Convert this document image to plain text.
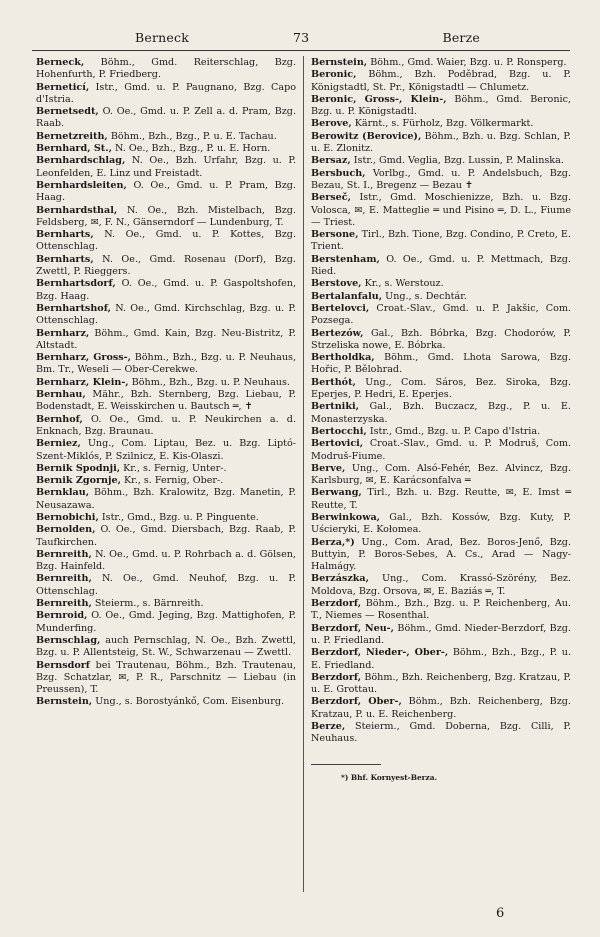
Berneck	73	Berze

Berneck, Böhm., Gmd. Reiterschlag, Bzg. Hohenfurth, P. Friedberg.

Berneticí, Istr., Gmd. u. P. Paugnano, Bzg. Capo d'Istria.

Bernetsedt, O. Oe., Gmd. u. P. Zell a. d. Pram, Bzg. Raab.

Bernetzreith, Böhm., Bzh., Bzg., P. u. E. Tachau.

Bernhard, St., N. Oe., Bzh., Bzg., P. u. E. Horn.

Bernhardschlag, N. Oe., Bzh. Urfahr, Bzg. u. P. Leonfelden, E. Linz und Freistadt.

Bernhardsleiten, O. Oe., Gmd. u. P. Pram, Bzg. Haag.

Bernhardsthal, N. Oe., Bzh. Mistelbach, Bzg. Feldsberg, ✉, F. N., Gänserndorf — Lundenburg, T.

Bernharts, N. Oe., Gmd. u. P. Kottes, Bzg. Ottenschlag.

Bernharts, N. Oe., Gmd. Rosenau (Dorf), Bzg. Zwettl, P. Rieggers.

Bernhartsdorf, O. Oe., Gmd. u. P. Gaspoltshofen, Bzg. Haag.

Bernhartshof, N. Oe., Gmd. Kirchschlag, Bzg. u. P. Ottenschlag.

Bernharz, Böhm., Gmd. Kain, Bzg. Neu-Bistritz, P. Altstadt.

Bernharz, Gross-, Böhm., Bzh., Bzg. u. P. Neuhaus, Bm. Tr., Weseli — Ober-Cerekwe.

Bernharz, Klein-, Böhm., Bzh., Bzg. u. P. Neuhaus.

Bernhau, Mähr., Bzh. Sternberg, Bzg. Liebau, P. Bodenstadt, E. Weisskirchen u. Bautsch ═, ✝

Bernhof, O. Oe., Gmd. u. P. Neukirchen a. d. Enknach, Bzg. Braunau.

Berniez, Ung., Com. Liptau, Bez. u. Bzg. Liptó-Szent-Miklós, P. Szilnicz, E. Kis-Olaszi.

Bernik Spodnji, Kr., s. Fernig, Unter-.

Bernik Zgornje, Kr., s. Fernig, Ober-.

Bernklau, Böhm., Bzh. Kralowitz, Bzg. Manetin, P. Neusazawa.

Bernobichi, Istr., Gmd., Bzg. u. P. Pinguente.

Bernolden, O. Oe., Gmd. Diersbach, Bzg. Raab, P. Taufkirchen.

Bernreith, N. Oe., Gmd. u. P. Rohrbach a. d. Gölsen, Bzg. Hainfeld.

Bernreith, N. Oe., Gmd. Neuhof, Bzg. u. P. Ottenschlag.

Bernreith, Steierm., s. Bärnreith.

Bernroid, O. Oe., Gmd. Jeging, Bzg. Mattighofen, P. Munderfing.

Bernschlag, auch Pernschlag, N. Oe., Bzh. Zwettl, Bzg. u. P. Allentsteig, St. W., Schwarzenau — Zwettl.

Bernsdorf bei Trautenau, Böhm., Bzh. Trautenau, Bzg. Schatzlar, ✉, P. R., Parschnitz — Liebau (in Preussen), T.

Bernstein, Ung., s. Borostyánkő, Com. Eisenburg.

Bernstein, Böhm., Gmd. Waier, Bzg. u. P. Ronsperg.

Beronic, Böhm., Bzh. Poděbrad, Bzg. u. P. Königstadtl, St. Pr., Königstadtl — Chlumetz.

Beronic, Gross-, Klein-, Böhm., Gmd. Beronic, Bzg. u. P. Königstadtl.

Berove, Kärnt., s. Fürholz, Bzg. Völkermarkt.

Berowitz (Berovice), Böhm., Bzh. u. Bzg. Schlan, P. u. E. Zlonitz.

Bersaz, Istr., Gmd. Veglia, Bzg. Lussin, P. Malinska.

Bersbuch, Vorlbg., Gmd. u. P. Andelsbuch, Bzg. Bezau, St. I., Bregenz — Bezau ✝

Berseč, Istr., Gmd. Moschienizze, Bzh. u. Bzg. Volosca, ✉, E. Matteglie ═ und Pisino ═, D. L., Fiume — Triest.

Bersone, Tirl., Bzh. Tione, Bzg. Condino, P. Creto, E. Trient.

Berstenham, O. Oe., Gmd. u. P. Mettmach, Bzg. Ried.

Berstove, Kr., s. Werstouz.

Bertalanfalu, Ung., s. Dechtár.

Bertelovci, Croat.-Slav., Gmd. u. P. Jakšic, Com. Pozsega.

Bertezów, Gal., Bzh. Bóbrka, Bzg. Chodorów, P. Strzeliska nowe, E. Bóbrka.

Bertholdka, Böhm., Gmd. Lhota Sarowa, Bzg. Hořic, P. Bělohrad.

Berthót, Ung., Com. Sáros, Bez. Siroka, Bzg. Eperjes, P. Hedri, E. Eperjes.

Bertniki, Gal., Bzh. Buczacz, Bzg., P. u. E. Monasterzyska.

Bertocchi, Istr., Gmd., Bzg. u. P. Capo d'Istria.

Bertovici, Croat.-Slav., Gmd. u. P. Modruš, Com. Modruš-Fiume.

Berve, Ung., Com. Alsó-Fehér, Bez. Alvincz, Bzg. Karlsburg, ✉, E. Karácsonfalva ═

Berwang, Tirl., Bzh. u. Bzg. Reutte, ✉, E. Imst ═ Reutte, T.

Berwinkowa, Gal., Bzh. Kossów, Bzg. Kuty, P. Uścieryki, E. Kołomea.

Berza,*) Ung., Com. Arad, Bez. Boros-Jenő, Bzg. Buttyin, P. Boros-Sebes, A. Cs., Arad — Nagy-Halmágy.

Berzászka, Ung., Com. Krassó-Szörény, Bez. Moldova, Bzg. Orsova, ✉, E. Baziás ═, T.

Berzdorf, Böhm., Bzh., Bzg. u. P. Reichenberg, Au. T., Niemes — Rosenthal.

Berzdorf, Neu-, Böhm., Gmd. Nieder-Berzdorf, Bzg. u. P. Friedland.

Berzdorf, Nieder-, Ober-, Böhm., Bzh., Bzg., P. u. E. Friedland.

Berzdorf, Böhm., Bzh. Reichenberg, Bzg. Kratzau, P. u. E. Grottau.

Berzdorf, Ober-, Böhm., Bzh. Reichenberg, Bzg. Kratzau, P. u. E. Reichenberg.

Berze, Steierm., Gmd. Doberna, Bzg. Cilli, P. Neuhaus.

*) Bhf. Kornyest-Berza.
6
